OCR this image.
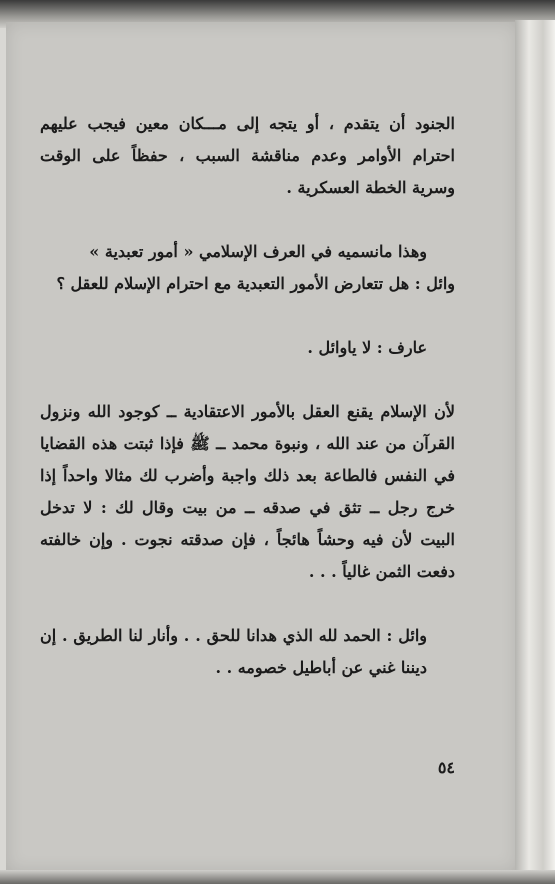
الجنود أن يتقدم ، أو يتجه إلى مـــكان معين فيجب عليهم احترام الأوامر وعدم مناقشة السبب ، حفظاً على الوقت وسرية الخطة العسكرية .

وهذا مانسميه في العرف الإسلامي « أمور تعبدية »

وائل : هل تتعارض الأمور التعبدية مع احترام الإسلام للعقل ؟

عارف : لا ياوائل .

لأن الإسلام يقنع العقل بالأمور الاعتقادية ــ كوجود الله ونزول القرآن من عند الله ، ونبوة محمد ــ ﷺ فإذا ثبتت هذه القضايا في النفس فالطاعة بعد ذلك واجبة وأضرب لك مثالا واحداً إذا خرج رجل ــ تثق في صدقه ــ من بيت وقال لك : لا تدخل البيت لأن فيه وحشاً هائجاً ، فإن صدقته نجوت . وإن خالفته دفعت الثمن غالياً . . .

وائل : الحمد لله الذي هدانا للحق . . وأنار لنا الطريق . إن ديننا غني عن أباطيل خصومه . .

٥٤
